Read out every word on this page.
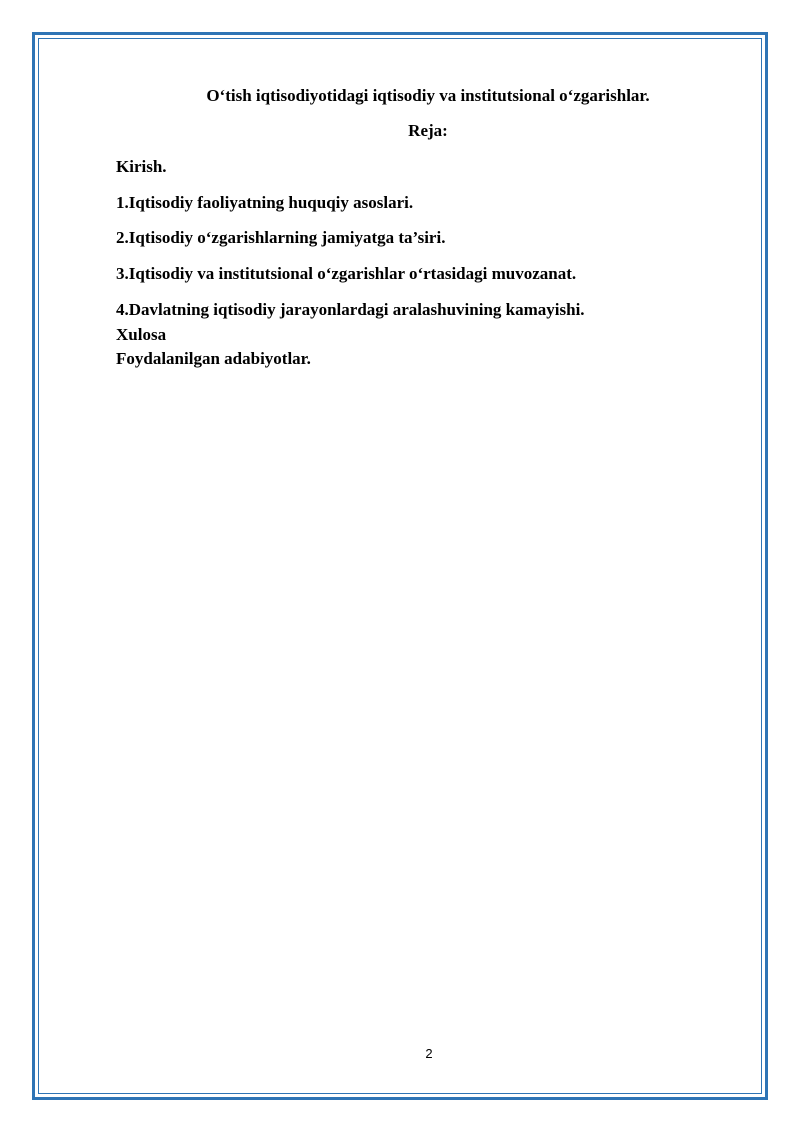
O‘tish iqtisodiyotidagi iqtisodiy va institutsional o‘zgarishlar.
Reja:
Kirish.
1.Iqtisodiy faoliyatning huquqiy asoslari.
2.Iqtisodiy o‘zgarishlarning jamiyatga ta’siri.
3.Iqtisodiy va institutsional o‘zgarishlar o‘rtasidagi muvozanat.
4.Davlatning iqtisodiy jarayonlardagi aralashuvining kamayishi.
Xulosa
Foydalanilgan adabiyotlar.
2
